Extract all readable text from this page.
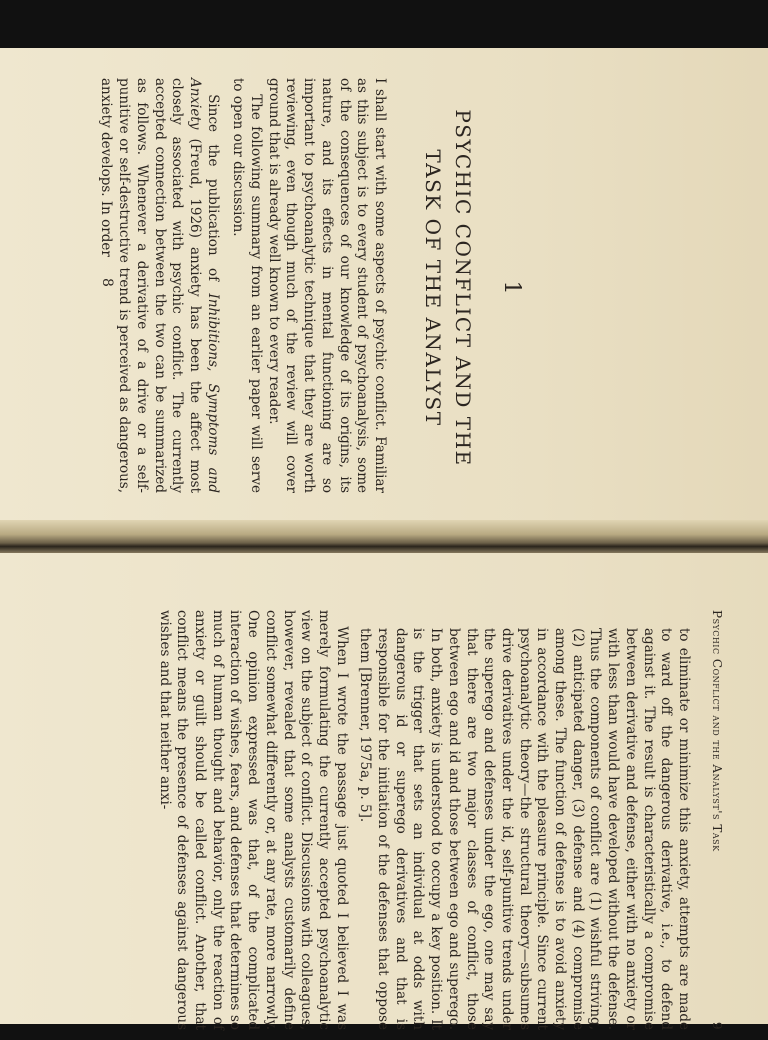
1
PSYCHIC CONFLICT AND THE
TASK OF THE ANALYST

I shall start with some aspects of psychic conflict. Familiar as this subject is to every student of psychoanalysis, some of the consequences of our knowledge of its origins, its nature, and its effects in mental functioning are so important to psychoanalytic technique that they are worth reviewing, even though much of the review will cover ground that is already well known to every reader.

The following summary from an earlier paper will serve to open our discussion.

Since the publication of Inhibitions, Symptoms and Anxiety (Freud, 1926) anxiety has been the affect most closely associated with psychic conflict. The currently accepted connection between the two can be summarized as follows. Whenever a derivative of a drive or a self-punitive or self-destructive trend is perceived as dangerous, anxiety develops. In order

8
Psychic Conflict and the Analyst's Task
9

to eliminate or minimize this anxiety, attempts are made to ward off the dangerous derivative, i.e., to defend against it. The result is characteristically a compromise between derivative and defense, either with no anxiety or with less than would have developed without the defense. Thus the components of conflict are (1) wishful striving, (2) anticipated danger, (3) defense and (4) compromise among these. The function of defense is to avoid anxiety in accordance with the pleasure principle. Since current psychoanalytic theory—the structural theory—subsumes drive derivatives under the id, self-punitive trends under the superego and defenses under the ego, one may say that there are two major classes of conflict, those between ego and id and those between ego and superego. In both, anxiety is understood to occupy a key position. It is the trigger that sets an individual at odds with dangerous id or superego derivatives and that is responsible for the initiation of the defenses that oppose them [Brenner, 1975a, p. 5].

When I wrote the passage just quoted I believed I was merely formulating the currently accepted psychoanalytic view on the subject of conflict. Discussions with colleagues, however, revealed that some analysts customarily define conflict somewhat differently or, at any rate, more narrowly. One opinion expressed was that, of the complicated interaction of wishes, fears, and defenses that determines so much of human thought and behavior, only the reaction of anxiety or guilt should be called conflict. Another, that conflict means the presence of defenses against dangerous wishes and that neither anxi-
